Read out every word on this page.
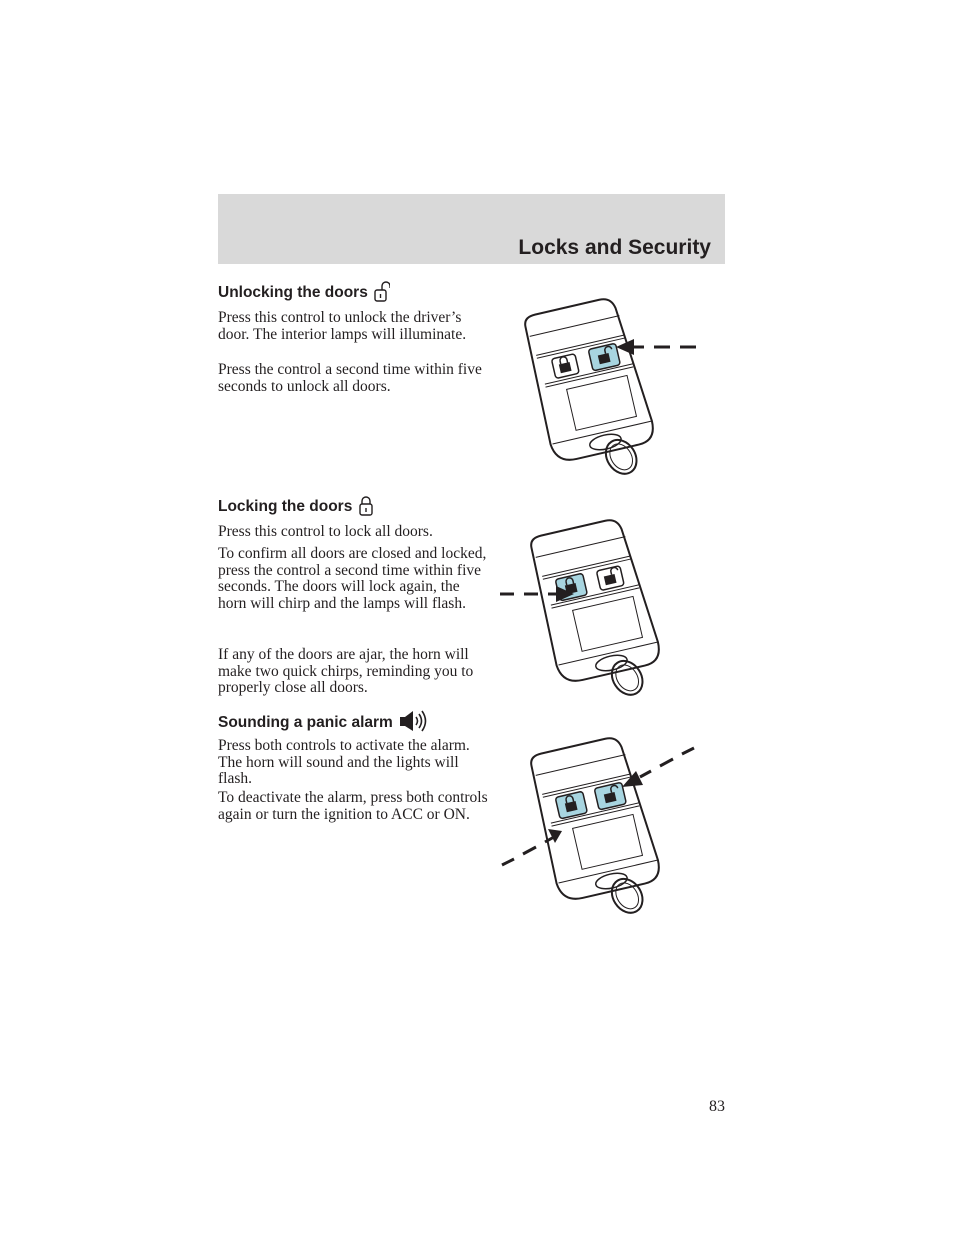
Locks and Security
Unlocking the doors

Press this control to unlock the driver’s door. The interior lamps will illuminate.

Press the control a second time within five seconds to unlock all doors.

Locking the doors

Press this control to lock all doors.

To confirm all doors are closed and locked, press the control a second time within five seconds. The doors will lock again, the horn will chirp and the lamps will flash.

If any of the doors are ajar, the horn will make two quick chirps, reminding you to properly close all doors.

Sounding a panic alarm

Press both controls to activate the alarm. The horn will sound and the lights will flash.

To deactivate the alarm, press both controls again or turn the ignition to ACC or ON.

83
